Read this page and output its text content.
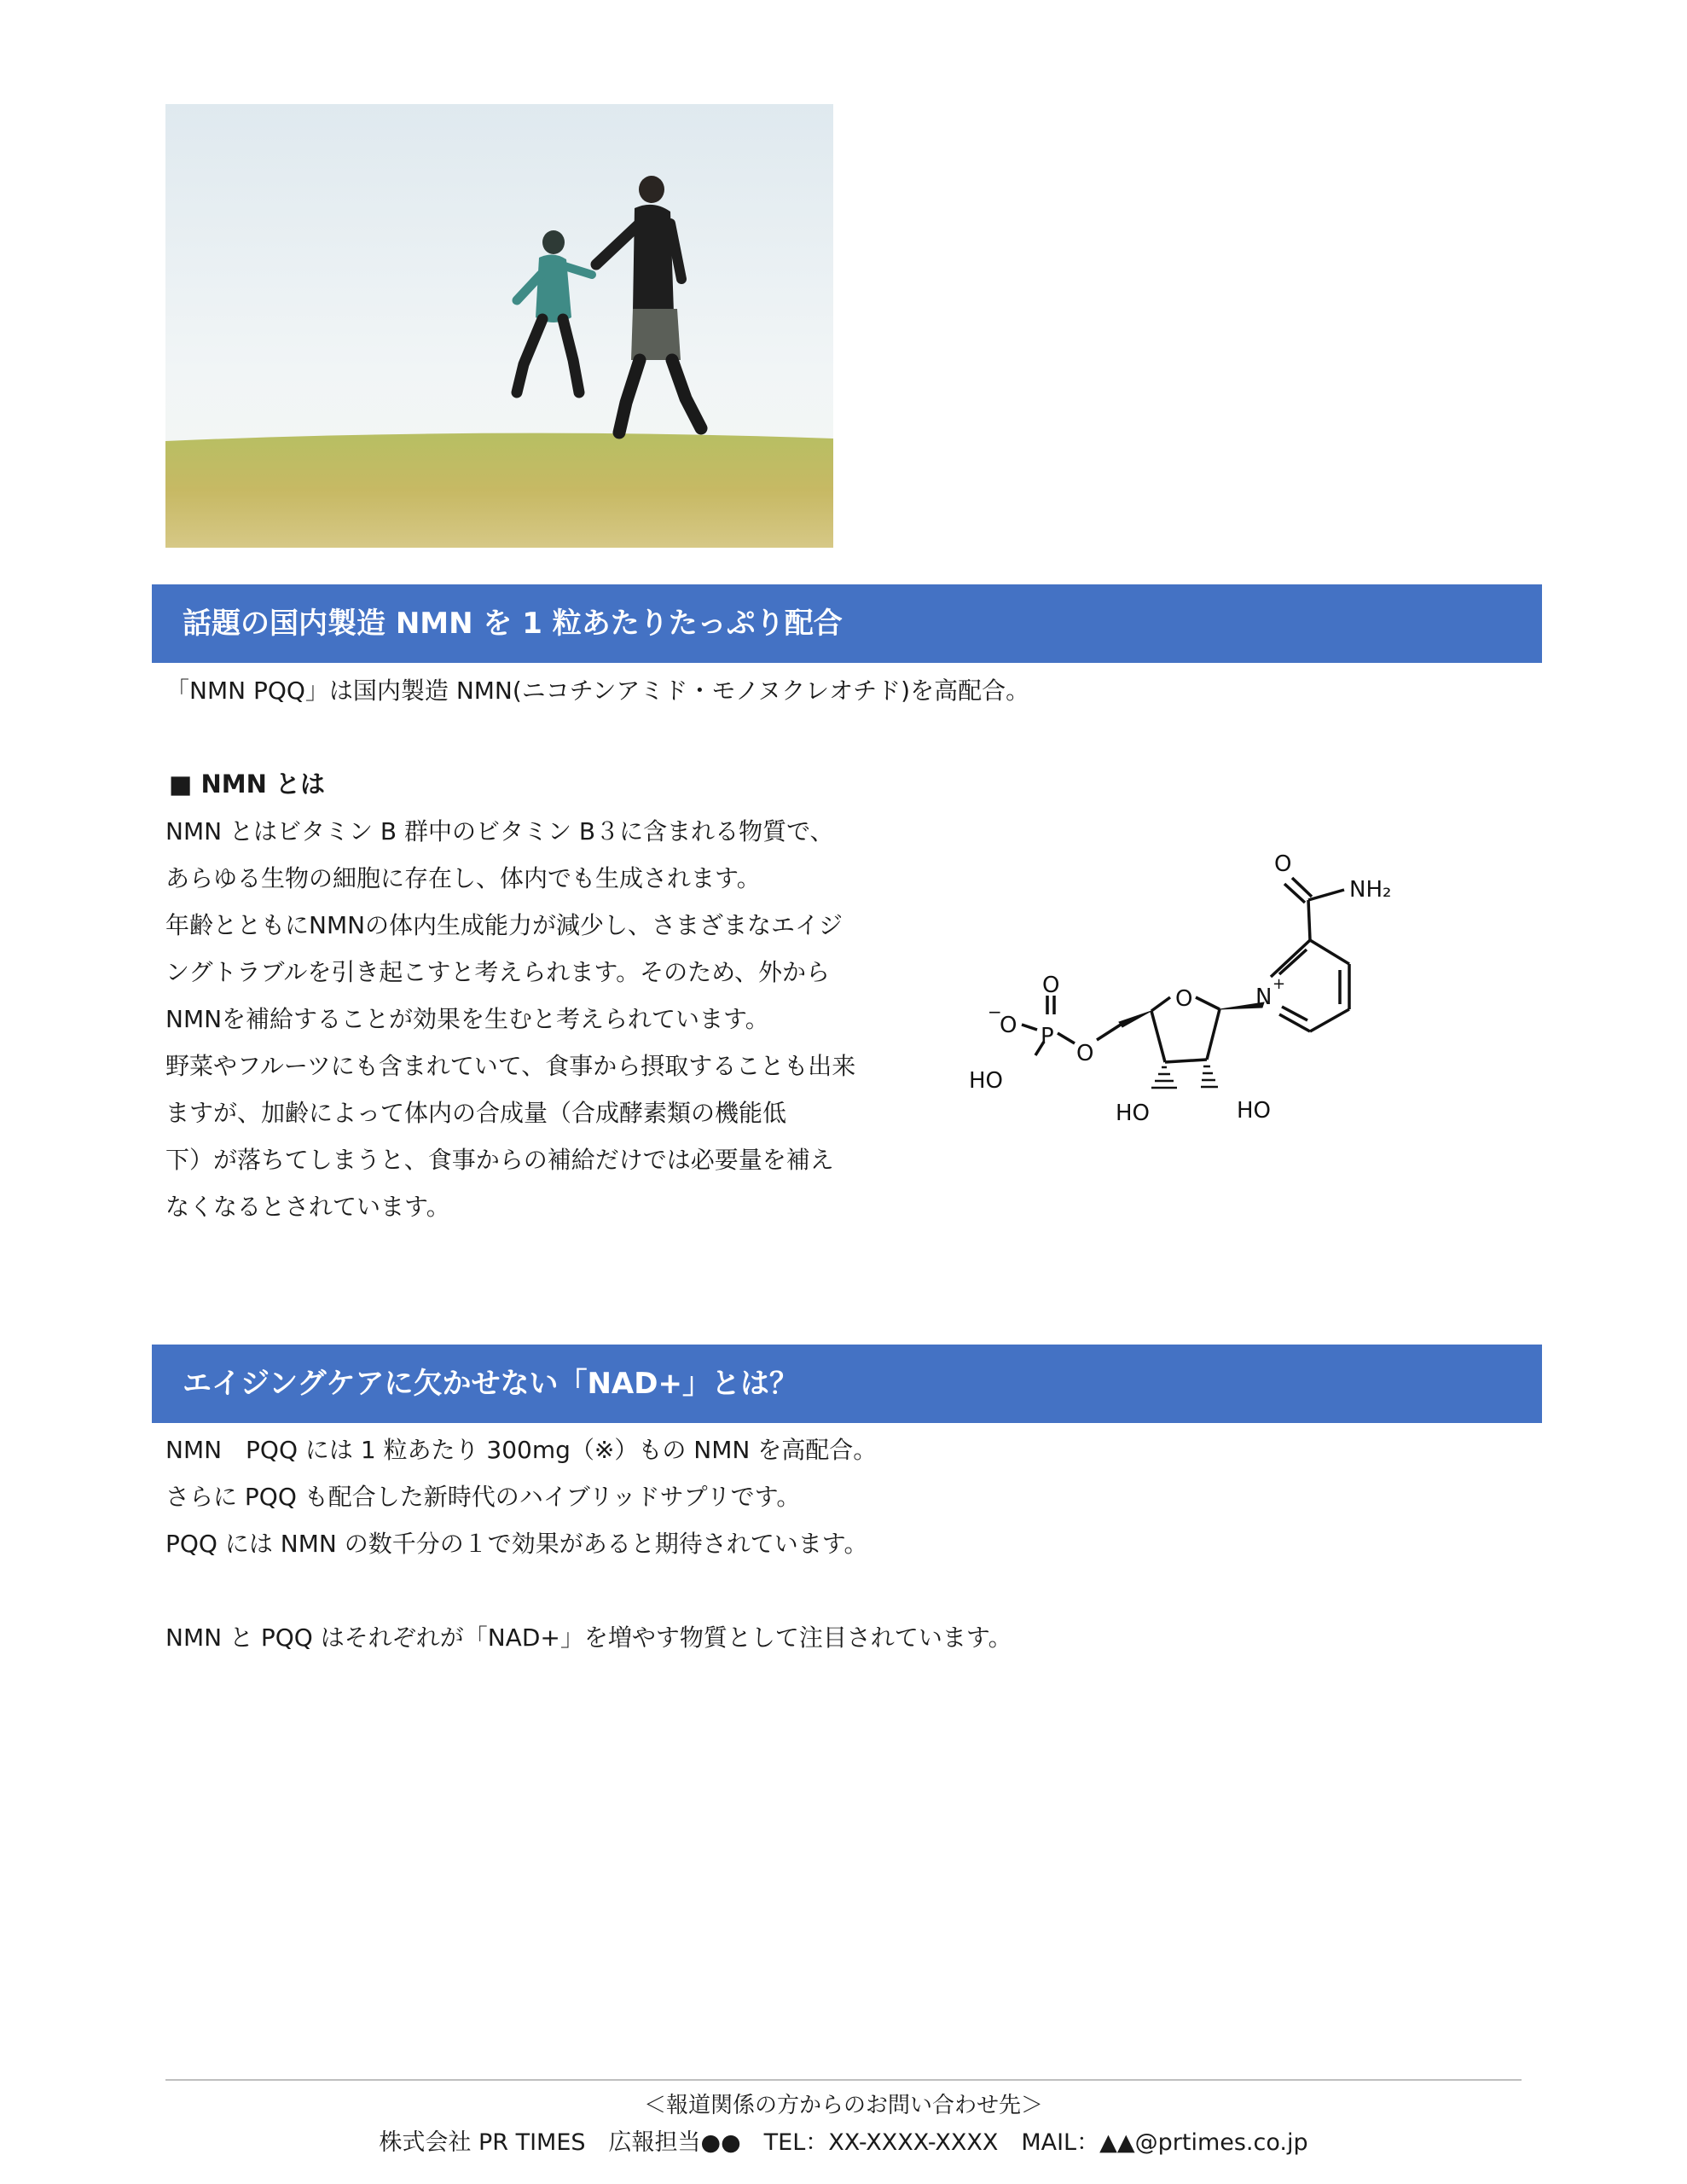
話題の国内製造 NMN を 1 粒あたりたっぷり配合
「NMN PQQ」は国内製造 NMN(ニコチンアミド・モノヌクレオチド)を高配合。
■ NMN とは
NMN とはビタミン B 群中のビタミン B３に含まれる物質で、
あらゆる生物の細胞に存在し、体内でも生成されます。
年齢とともにNMNの体内生成能力が減少し、さまざまなエイジ
ングトラブルを引き起こすと考えられます。そのため、外から
NMNを補給することが効果を生むと考えられています。
野菜やフルーツにも含まれていて、食事から摂取することも出来
ますが、加齢によって体内の合成量（合成酵素類の機能低
下）が落ちてしまうと、食事からの補給だけでは必要量を補え
なくなるとされています。
O
NH₂
N
+
O
O
O
−
P
O
HO
HO	HO
エイジングケアに欠かせない「NAD+」とは？
NMN　PQQ には 1 粒あたり 300mg（※）もの NMN を高配合。
さらに PQQ も配合した新時代のハイブリッドサプリです。
PQQ には NMN の数千分の１で効果があると期待されています。
NMN と PQQ はそれぞれが「NAD+」を増やす物質として注目されています。
＜報道関係の方からのお問い合わせ先＞
株式会社 PR TIMES　広報担当●●　TEL：XX-XXXX-XXXX　MAIL：▲▲@prtimes.co.jp
